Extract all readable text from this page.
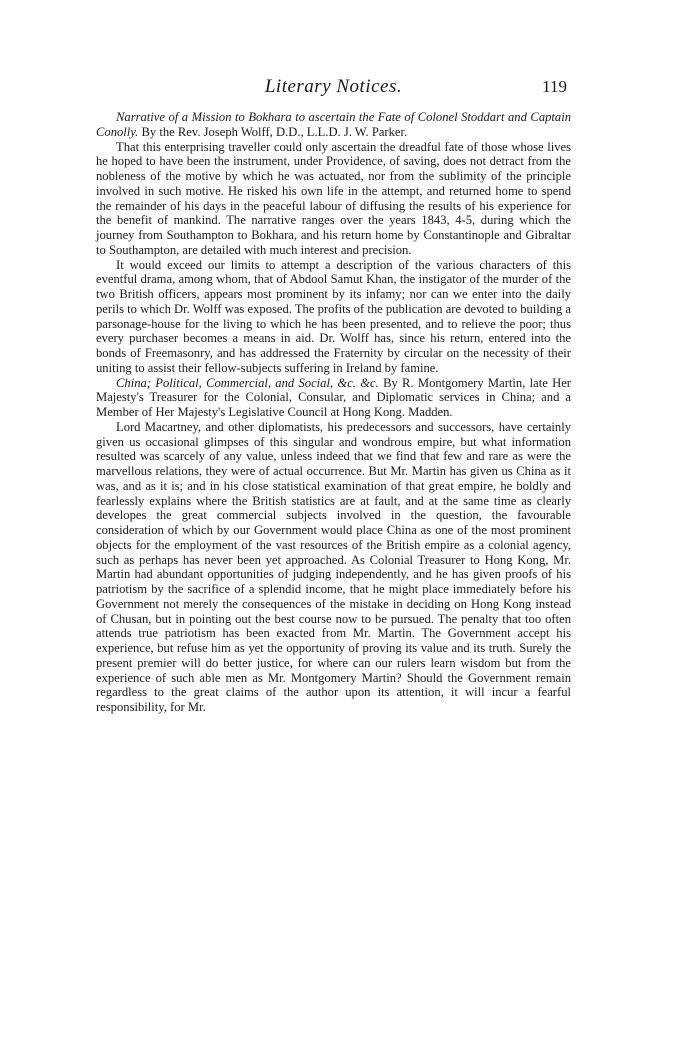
Literary Notices.	119

Narrative of a Mission to Bokhara to ascertain the Fate of Colonel Stoddart and Captain Conolly. By the Rev. Joseph Wolff, D.D., L.L.D. J. W. Parker.

That this enterprising traveller could only ascertain the dreadful fate of those whose lives he hoped to have been the instrument, under Providence, of saving, does not detract from the nobleness of the motive by which he was actuated, nor from the sublimity of the principle involved in such motive. He risked his own life in the attempt, and returned home to spend the remainder of his days in the peaceful labour of diffusing the results of his experience for the benefit of mankind. The narrative ranges over the years 1843, 4-5, during which the journey from Southampton to Bokhara, and his return home by Constantinople and Gibraltar to Southampton, are detailed with much interest and precision.

It would exceed our limits to attempt a description of the various characters of this eventful drama, among whom, that of Abdool Samut Khan, the instigator of the murder of the two British officers, appears most prominent by its infamy; nor can we enter into the daily perils to which Dr. Wolff was exposed. The profits of the publication are devoted to building a parsonage-house for the living to which he has been presented, and to relieve the poor; thus every purchaser becomes a means in aid. Dr. Wolff has, since his return, entered into the bonds of Freemasonry, and has addressed the Fraternity by circular on the necessity of their uniting to assist their fellow-subjects suffering in Ireland by famine.

China; Political, Commercial, and Social, &c. &c. By R. Montgomery Martin, late Her Majesty's Treasurer for the Colonial, Consular, and Diplomatic services in China; and a Member of Her Majesty's Legislative Council at Hong Kong. Madden.

Lord Macartney, and other diplomatists, his predecessors and successors, have certainly given us occasional glimpses of this singular and wondrous empire, but what information resulted was scarcely of any value, unless indeed that we find that few and rare as were the marvellous relations, they were of actual occurrence. But Mr. Martin has given us China as it was, and as it is; and in his close statistical examination of that great empire, he boldly and fearlessly explains where the British statistics are at fault, and at the same time as clearly developes the great commercial subjects involved in the question, the favourable consideration of which by our Government would place China as one of the most prominent objects for the employment of the vast resources of the British empire as a colonial agency, such as perhaps has never been yet approached. As Colonial Treasurer to Hong Kong, Mr. Martin had abundant opportunities of judging independently, and he has given proofs of his patriotism by the sacrifice of a splendid income, that he might place immediately before his Government not merely the consequences of the mistake in deciding on Hong Kong instead of Chusan, but in pointing out the best course now to be pursued. The penalty that too often attends true patriotism has been exacted from Mr. Martin. The Government accept his experience, but refuse him as yet the opportunity of proving its value and its truth. Surely the present premier will do better justice, for where can our rulers learn wisdom but from the experience of such able men as Mr. Montgomery Martin? Should the Government remain regardless to the great claims of the author upon its attention, it will incur a fearful responsibility, for Mr.
